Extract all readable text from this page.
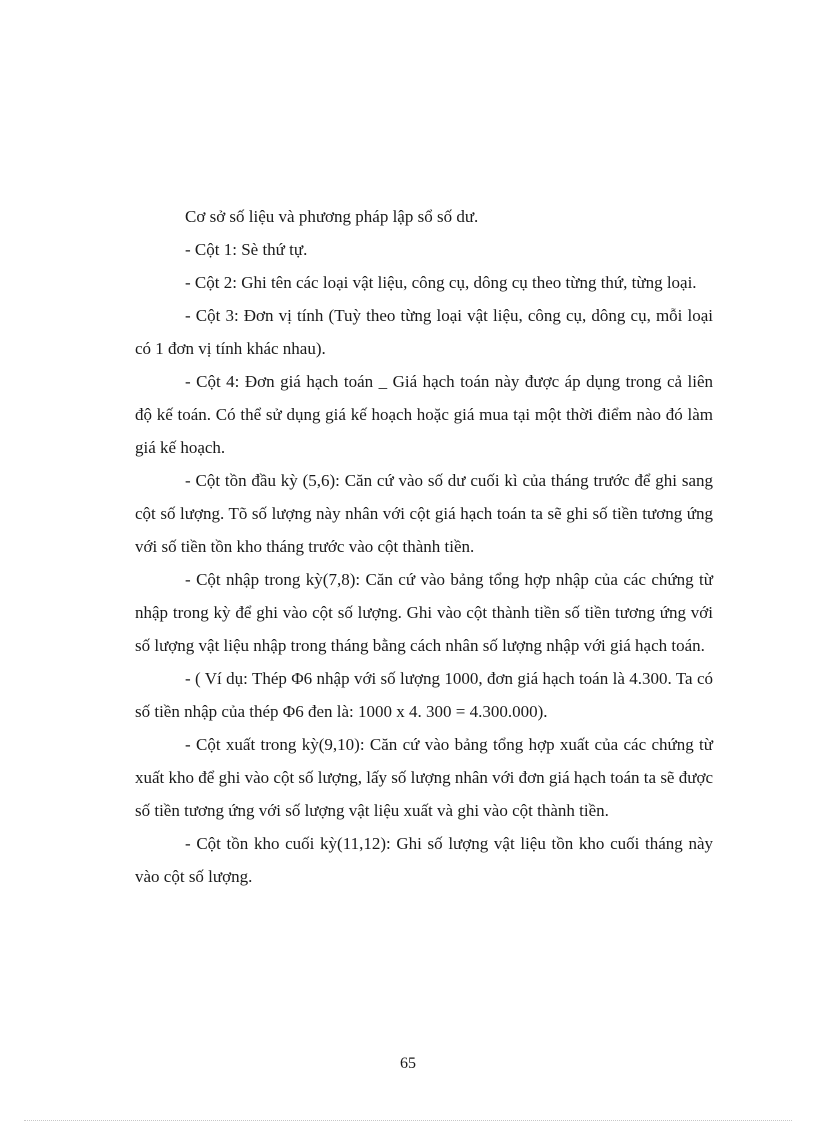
Cơ sở số liệu và phương pháp lập sổ số dư.

- Cột 1: Sè thứ tự.

- Cột 2: Ghi tên các loại vật liệu, công cụ, dông cụ theo từng thứ, từng loại.

- Cột 3: Đơn vị tính (Tuỳ theo từng loại vật liệu, công cụ, dông cụ, mỗi loại có 1 đơn vị tính khác nhau).

- Cột 4: Đơn giá hạch toán _ Giá hạch toán này được áp dụng trong cả liên độ kế toán. Có thể sử dụng giá kế hoạch hoặc giá mua tại một thời điểm nào đó làm giá kế hoạch.

- Cột tồn đầu kỳ (5,6): Căn cứ vào số dư cuối kì của tháng trước để ghi sang cột số lượng. Tõ số lượng này nhân với cột giá hạch toán ta sẽ ghi số tiền tương ứng với số tiền tồn kho tháng trước vào cột thành tiền.

- Cột nhập trong kỳ(7,8): Căn cứ vào bảng tổng hợp nhập của các chứng từ nhập trong kỳ để ghi vào cột số lượng. Ghi vào cột thành tiền số tiền tương ứng với số lượng vật liệu nhập trong tháng bằng cách nhân số lượng nhập với giá hạch toán.

- ( Ví dụ: Thép Φ6 nhập với số lượng 1000, đơn giá hạch toán là 4.300. Ta có số tiền nhập của thép Φ6 đen là: 1000 x 4. 300 = 4.300.000).

- Cột xuất trong kỳ(9,10): Căn cứ vào bảng tổng hợp xuất của các chứng từ xuất kho để ghi vào cột số lượng, lấy số lượng nhân với đơn giá hạch toán ta sẽ được số tiền tương ứng với số lượng vật liệu xuất và ghi vào cột thành tiền.

- Cột tồn kho cuối kỳ(11,12): Ghi số lượng vật liệu tồn kho cuối tháng này vào cột số lượng.

65
